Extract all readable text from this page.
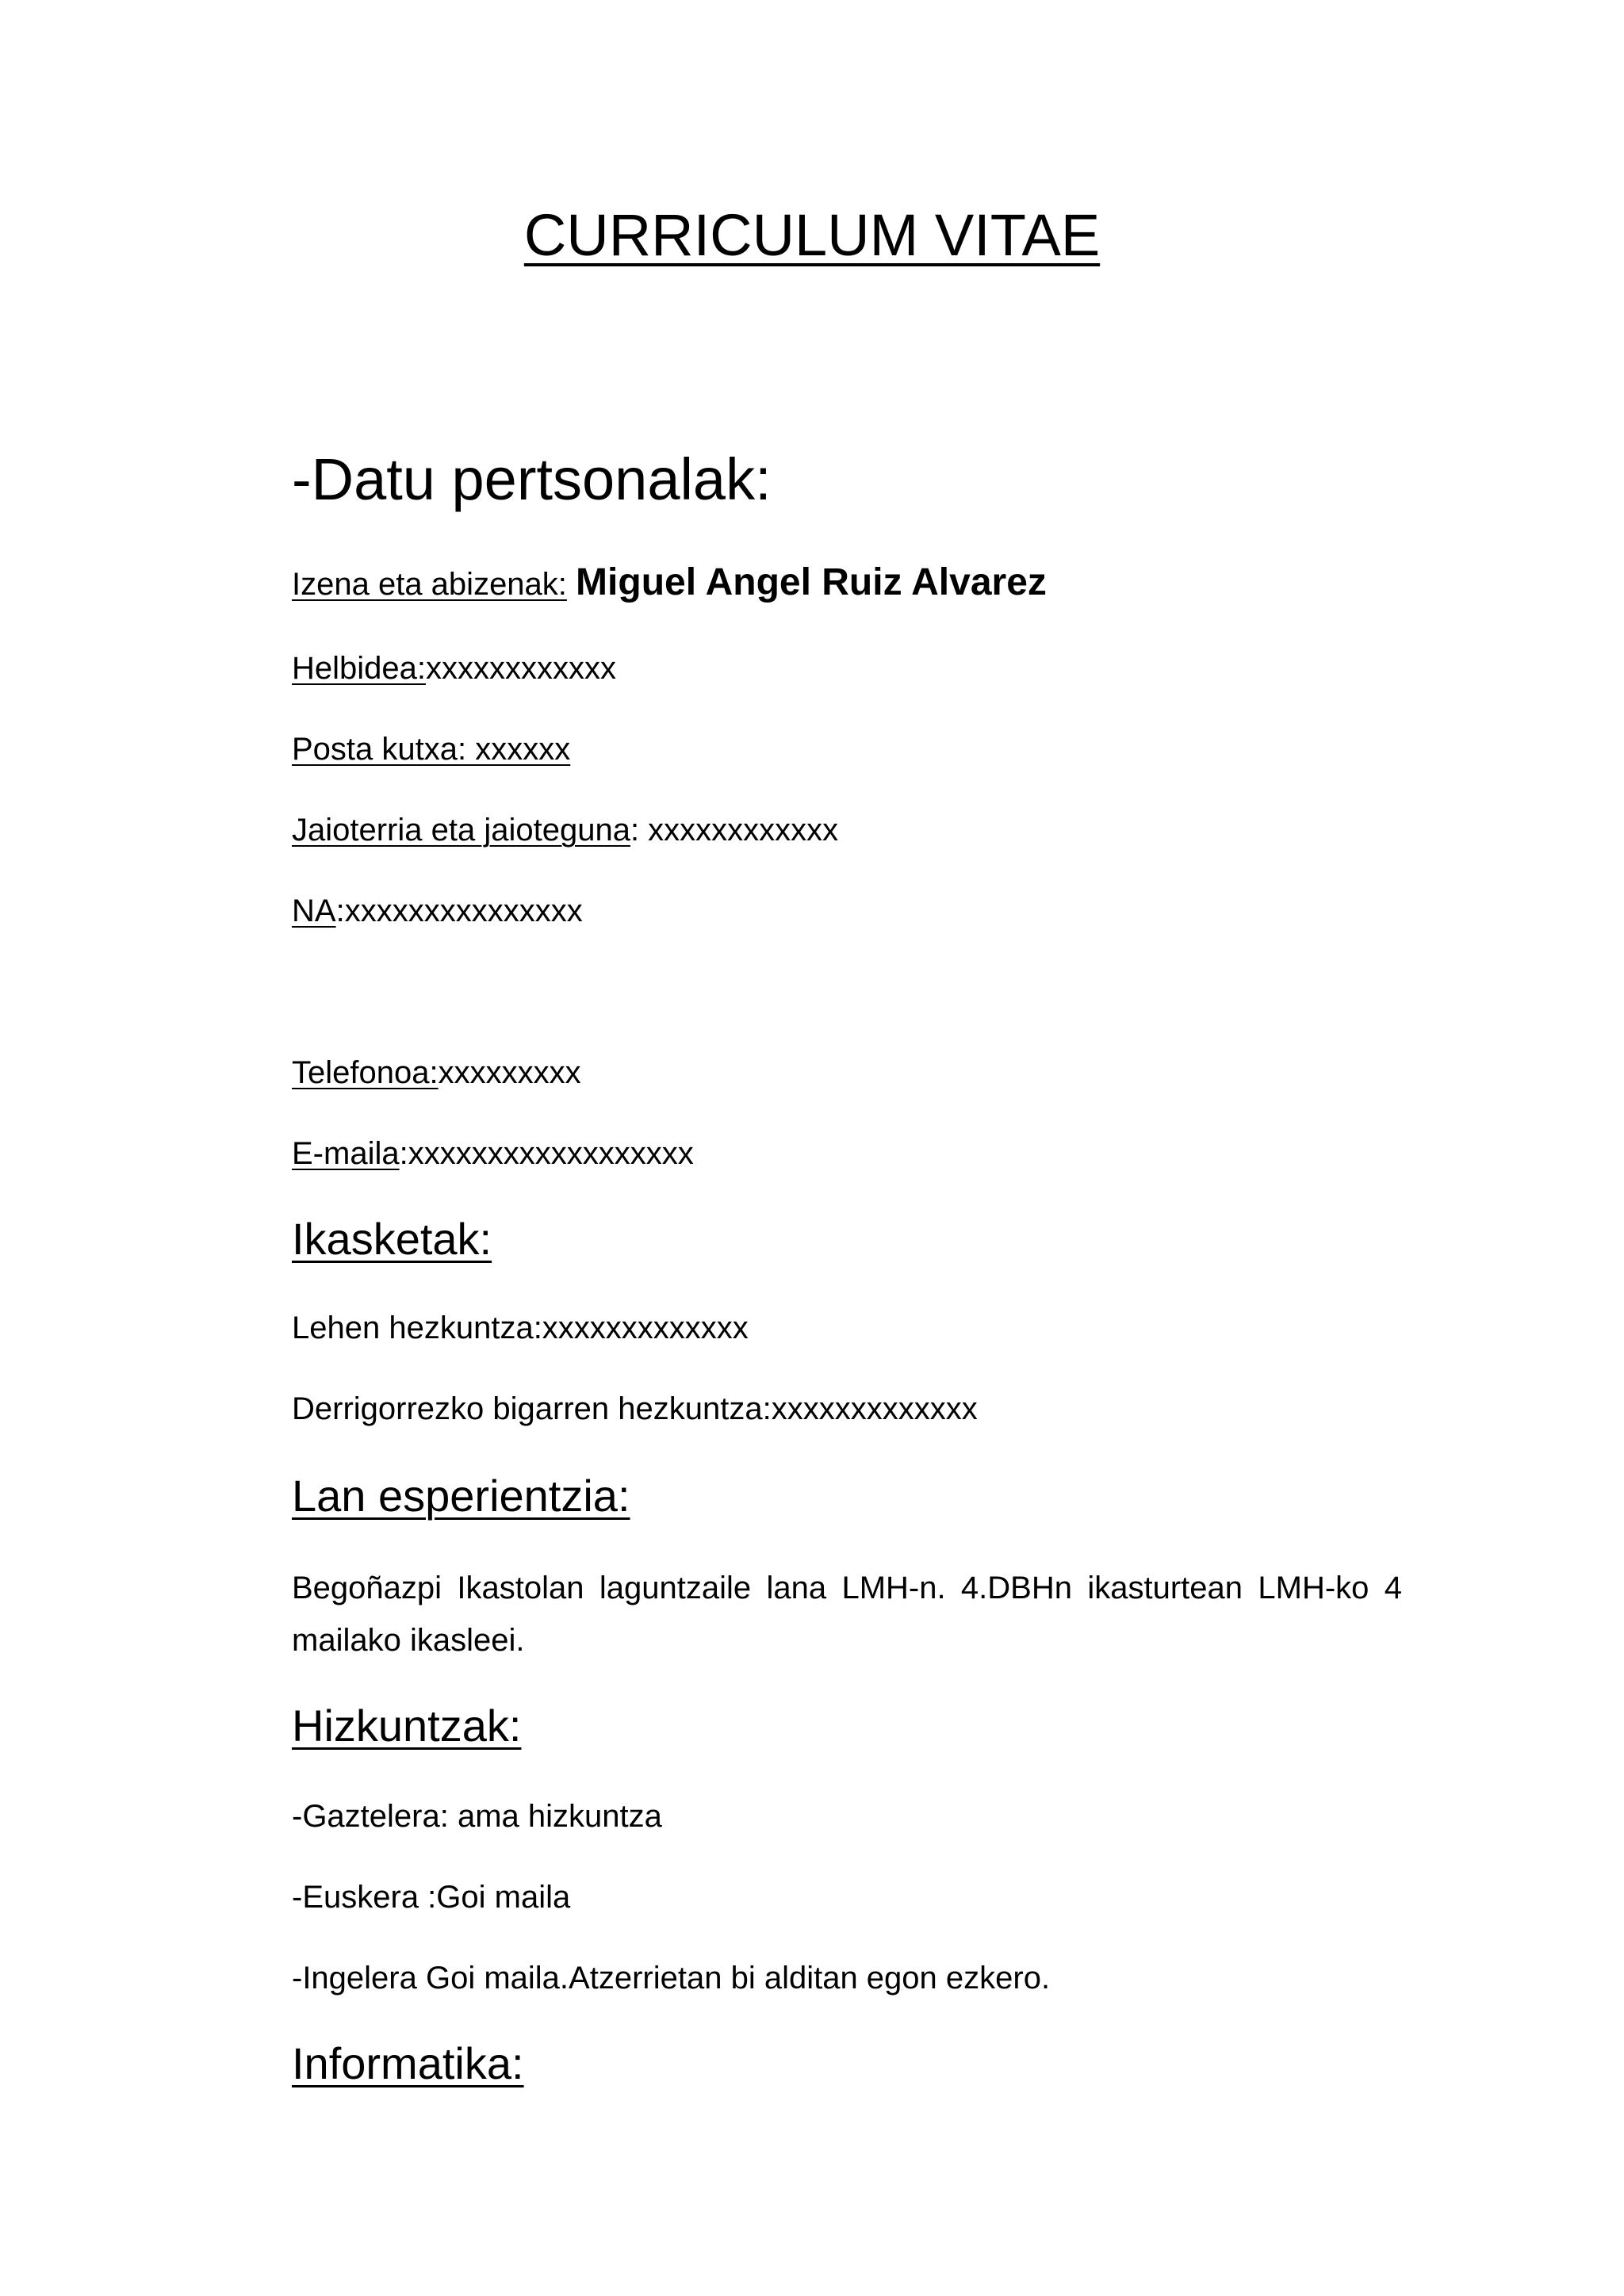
CURRICULUM VITAE
-Datu pertsonalak:
Izena eta abizenak: Miguel Angel Ruiz Alvarez
Helbidea:xxxxxxxxxxxx
Posta kutxa: xxxxxx
Jaioterria eta jaioteguna: xxxxxxxxxxxx
NA:xxxxxxxxxxxxxxx
Telefonoa:xxxxxxxxx
E-maila:xxxxxxxxxxxxxxxxxx
Ikasketak:
Lehen hezkuntza:xxxxxxxxxxxxx
Derrigorrezko bigarren hezkuntza:xxxxxxxxxxxxx
Lan esperientzia:
Begoñazpi Ikastolan laguntzaile lana LMH-n. 4.DBHn ikasturtean LMH-ko 4 mailako ikasleei.
Hizkuntzak:
-Gaztelera: ama hizkuntza
-Euskera :Goi maila
-Ingelera Goi maila.Atzerrietan bi alditan egon ezkero.
Informatika:
